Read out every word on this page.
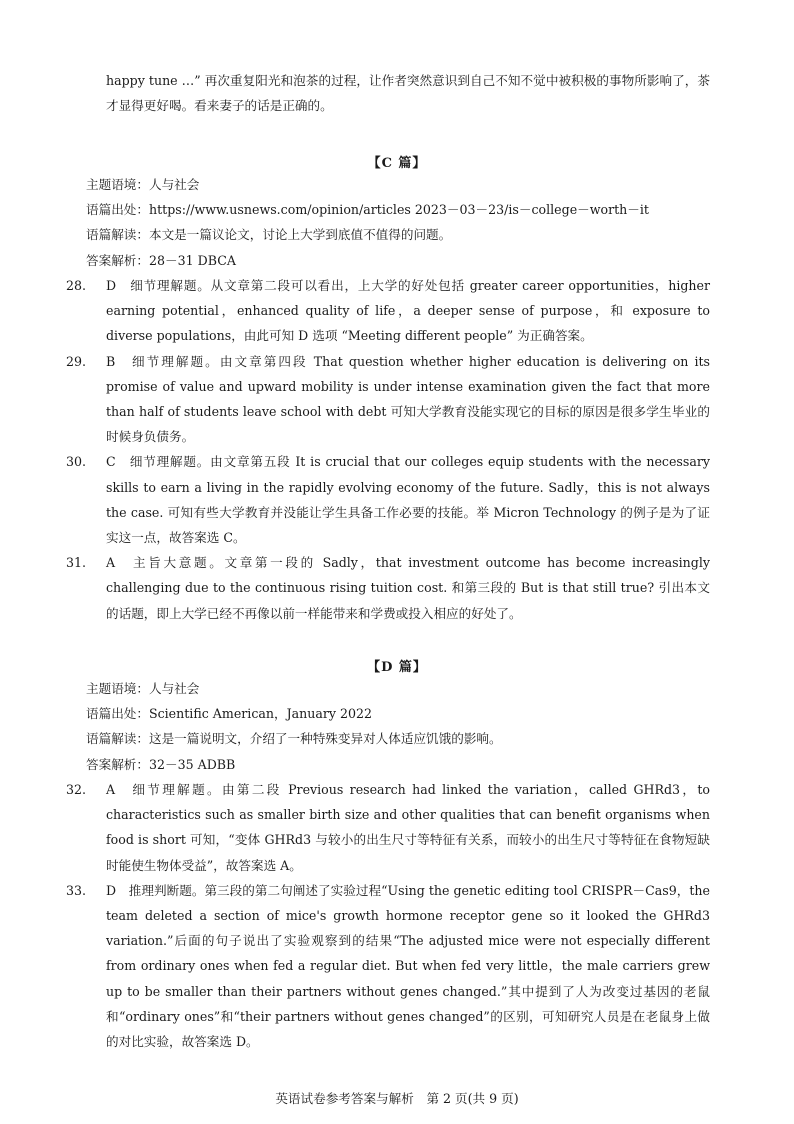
happy tune …” 再次重复阳光和泡茶的过程，让作者突然意识到自己不知不觉中被积极的事物所影响了，茶才显得更好喝。看来妻子的话是正确的。

【C 篇】

主题语境：人与社会

语篇出处：https://www.usnews.com/opinion/articles 2023－03－23/is－college－worth－it

语篇解读：本文是一篇议论文，讨论上大学到底值不值得的问题。

答案解析：28－31 DBCA

28. D　细节理解题。从文章第二段可以看出，上大学的好处包括 greater career opportunities，higher earning potential，enhanced quality of life，a deeper sense of purpose，和 exposure to diverse populations，由此可知 D 选项 “Meeting different people” 为正确答案。

29. B　细节理解题。由文章第四段 That question whether higher education is delivering on its promise of value and upward mobility is under intense examination given the fact that more than half of students leave school with debt 可知大学教育没能实现它的目标的原因是很多学生毕业的时候身负债务。

30. C　细节理解题。由文章第五段 It is crucial that our colleges equip students with the necessary skills to earn a living in the rapidly evolving economy of the future. Sadly，this is not always the case. 可知有些大学教育并没能让学生具备工作必要的技能。举 Micron Technology 的例子是为了证实这一点，故答案选 C。

31. A　主旨大意题。文章第一段的 Sadly，that investment outcome has become increasingly challenging due to the continuous rising tuition cost. 和第三段的 But is that still true? 引出本文的话题，即上大学已经不再像以前一样能带来和学费或投入相应的好处了。

【D 篇】

主题语境：人与社会

语篇出处：Scientific American，January 2022

语篇解读：这是一篇说明文，介绍了一种特殊变异对人体适应饥饿的影响。

答案解析：32－35 ADBB

32. A　细节理解题。由第二段 Previous research had linked the variation，called GHRd3，to characteristics such as smaller birth size and other qualities that can benefit organisms when food is short 可知，“变体 GHRd3 与较小的出生尺寸等特征有关系，而较小的出生尺寸等特征在食物短缺时能使生物体受益”，故答案选 A。

33. D　推理判断题。第三段的第二句阐述了实验过程“Using the genetic editing tool CRISPR－Cas9，the team deleted a section of mice's growth hormone receptor gene so it looked the GHRd3 variation.”后面的句子说出了实验观察到的结果“The adjusted mice were not especially different from ordinary ones when fed a regular diet. But when fed very little，the male carriers grew up to be smaller than their partners without genes changed.”其中提到了人为改变过基因的老鼠和“ordinary ones”和“their partners without genes changed”的区别，可知研究人员是在老鼠身上做的对比实验，故答案选 D。

英语试卷参考答案与解析　第 2 页(共 9 页)
